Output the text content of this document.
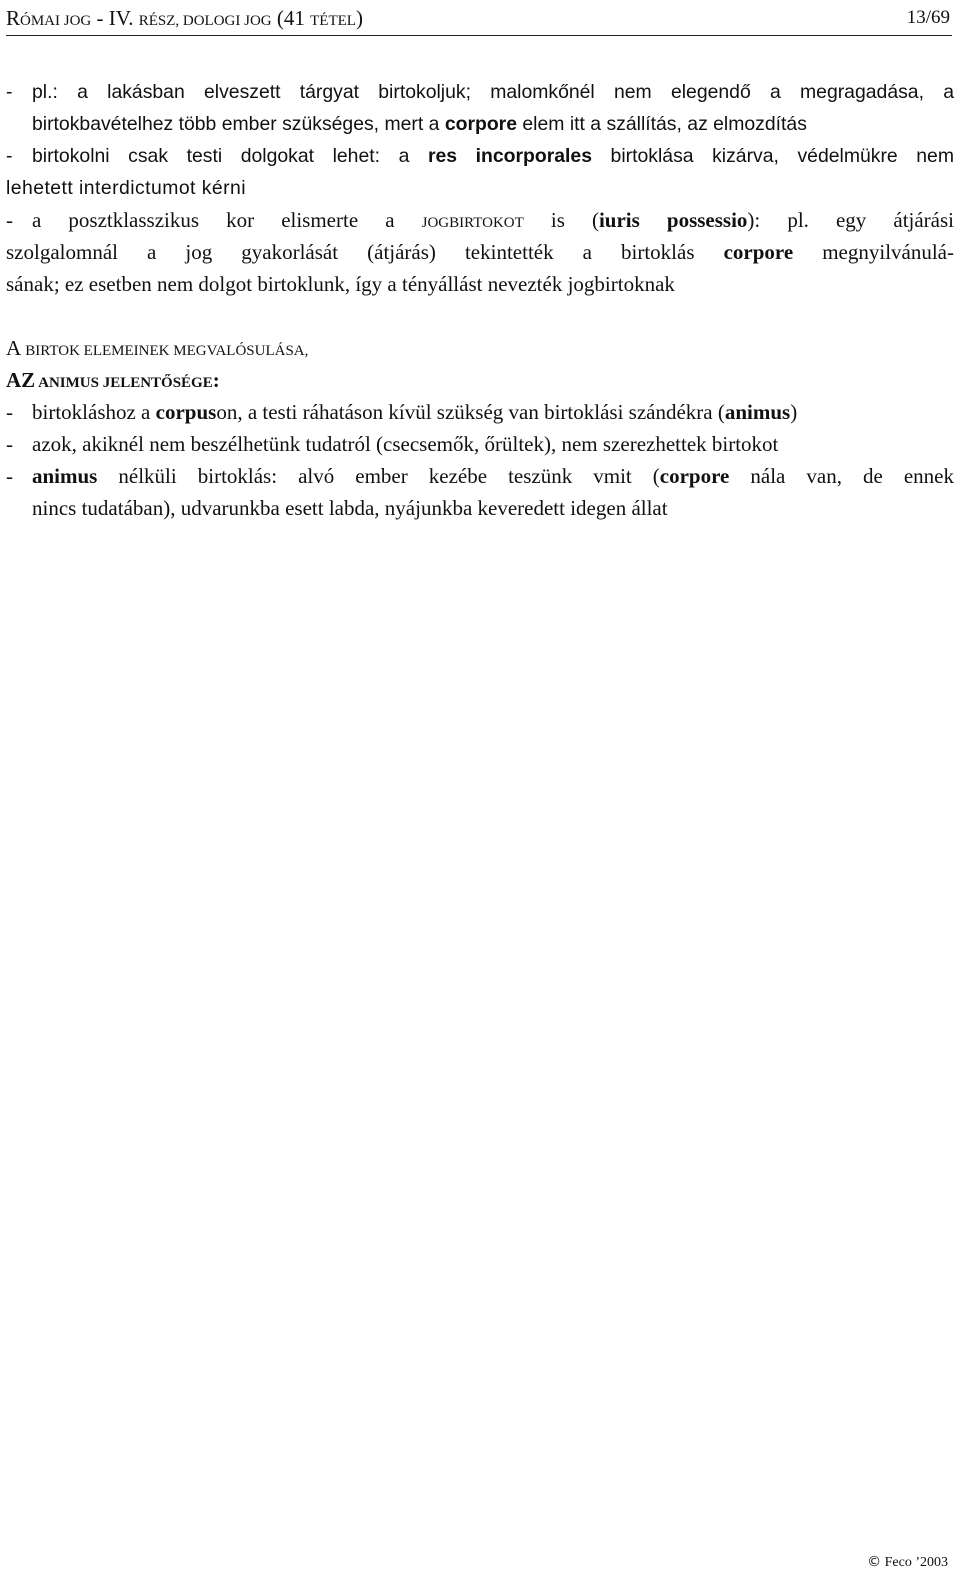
RÓMAI JOG - IV. RÉSZ, DOLOGI JOG (41 TÉTEL)	13/69
- pl.: a lakásban elveszett tárgyat birtokoljuk; malomkőnél nem elegendő a megragadása, a
birtokbavételhez több ember szükséges, mert a corpore elem itt a szállítás, az elmozdítás
- birtokolni csak testi dolgokat lehet: a res incorporales birtoklása kizárva, védelmükre nem
lehetett interdictumot kérni
- a posztklasszikus kor elismerte a JOGBIRTOKOT is (iuris possessio): pl. egy átjárási
szolgalomnál a jog gyakorlását (átjárás) tekintették a birtoklás corpore megnyilvánulá-
sának; ez esetben nem dolgot birtoklunk, így a tényállást nevezték jogbirtoknak
A BIRTOK ELEMEINEK MEGVALÓSULÁSA,
AZ ANIMUS JELENTŐSÉGE:
- birtokláshoz a corpuson, a testi ráhatáson kívül szükség van birtoklási szándékra (animus)
- azok, akiknél nem beszélhetünk tudatról (csecsemők, őrültek), nem szerezhettek birtokot
- animus nélküli birtoklás: alvó ember kezébe teszünk vmit (corpore nála van, de ennek
nincs tudatában), udvarunkba esett labda, nyájunkba keveredett idegen állat
© Feco ’2003
